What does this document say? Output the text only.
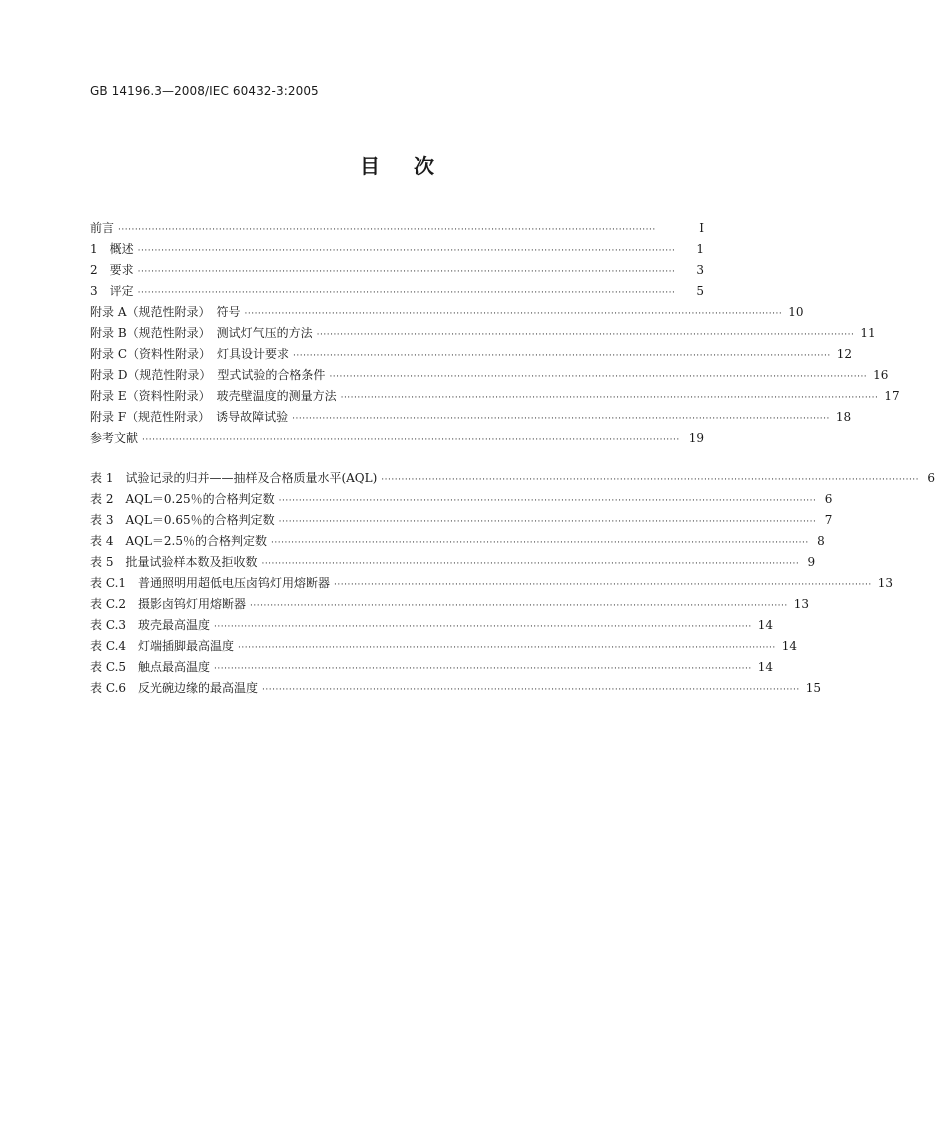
GB 14196.3—2008/IEC 60432-3:2005
目 次
前言 ································································································································································	I
1　概述 ································································································································································	1
2　要求 ································································································································································	3
3　评定 ································································································································································	5
附录 A（规范性附录）　符号 ································································································································································ 10
附录 B（规范性附录）　测试灯气压的方法 ································································································································································ 11
附录 C（资料性附录）　灯具设计要求 ································································································································································ 12
附录 D（规范性附录）　型式试验的合格条件 ································································································································································ 16
附录 E（资料性附录）　玻壳壁温度的测量方法 ································································································································································ 17
附录 F（规范性附录）　诱导故障试验 ································································································································································ 18
参考文献 ································································································································································ 19
表 1　试验记录的归并——抽样及合格质量水平(AQL) ································································································································································ 6
表 2　AQL＝0.25％的合格判定数 ································································································································································ 6
表 3　AQL＝0.65％的合格判定数 ································································································································································ 7
表 4　AQL＝2.5％的合格判定数 ································································································································································ 8
表 5　批量试验样本数及拒收数 ································································································································································ 9
表 C.1　普通照明用超低电压卤钨灯用熔断器 ································································································································································ 13
表 C.2　摄影卤钨灯用熔断器 ································································································································································ 13
表 C.3　玻壳最高温度 ································································································································································ 14
表 C.4　灯端插脚最高温度 ································································································································································ 14
表 C.5　触点最高温度 ································································································································································ 14
表 C.6　反光碗边缘的最高温度 ································································································································································ 15
